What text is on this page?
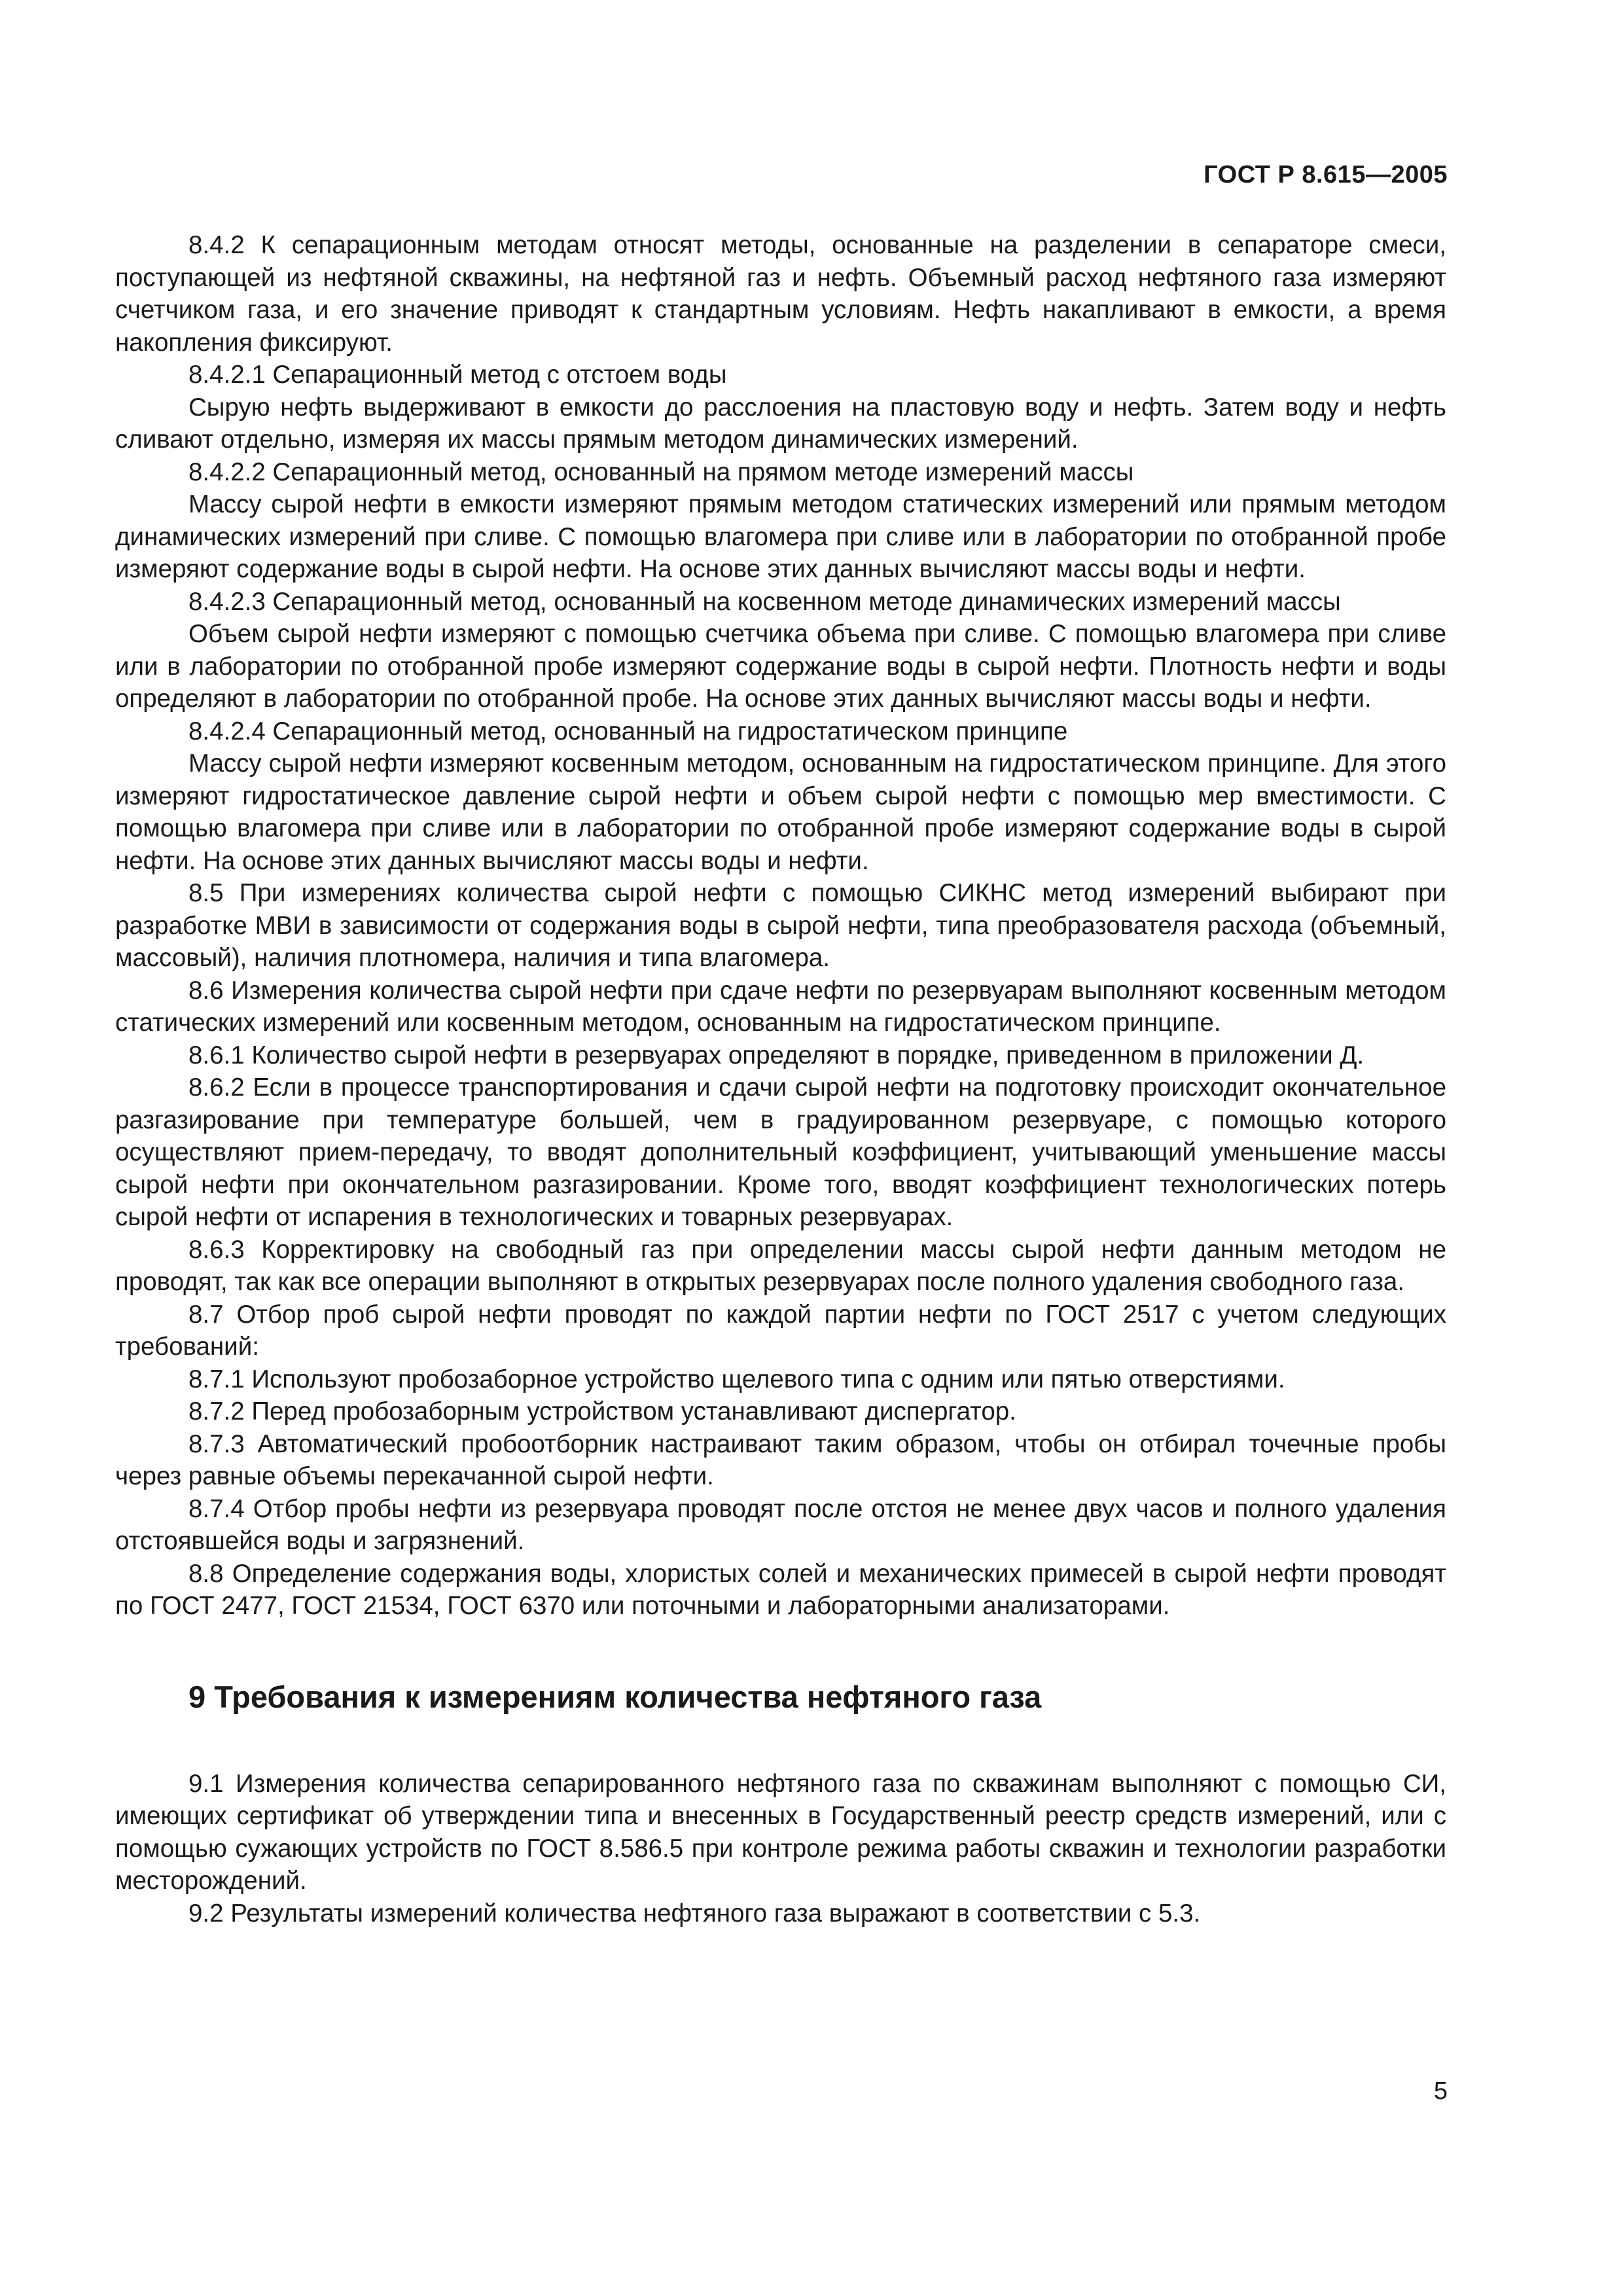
ГОСТ Р 8.615—2005

8.4.2 К сепарационным методам относят методы, основанные на разделении в сепараторе смеси, поступающей из нефтяной скважины, на нефтяной газ и нефть. Объемный расход нефтяного газа измеряют счетчиком газа, и его значение приводят к стандартным условиям. Нефть накапливают в емкости, а время накопления фиксируют.

8.4.2.1 Сепарационный метод с отстоем воды

Сырую нефть выдерживают в емкости до расслоения на пластовую воду и нефть. Затем воду и нефть сливают отдельно, измеряя их массы прямым методом динамических измерений.

8.4.2.2 Сепарационный метод, основанный на прямом методе измерений массы

Массу сырой нефти в емкости измеряют прямым методом статических измерений или прямым методом динамических измерений при сливе. С помощью влагомера при сливе или в лаборатории по отобранной пробе измеряют содержание воды в сырой нефти. На основе этих данных вычисляют массы воды и нефти.

8.4.2.3 Сепарационный метод, основанный на косвенном методе динамических измерений массы

Объем сырой нефти измеряют с помощью счетчика объема при сливе. С помощью влагомера при сливе или в лаборатории по отобранной пробе измеряют содержание воды в сырой нефти. Плотность нефти и воды определяют в лаборатории по отобранной пробе. На основе этих данных вычисляют массы воды и нефти.

8.4.2.4 Сепарационный метод, основанный на гидростатическом принципе

Массу сырой нефти измеряют косвенным методом, основанным на гидростатическом принципе. Для этого измеряют гидростатическое давление сырой нефти и объем сырой нефти с помощью мер вместимости. С помощью влагомера при сливе или в лаборатории по отобранной пробе измеряют содержание воды в сырой нефти. На основе этих данных вычисляют массы воды и нефти.

8.5 При измерениях количества сырой нефти с помощью СИКНС метод измерений выбирают при разработке МВИ в зависимости от содержания воды в сырой нефти, типа преобразователя расхода (объемный, массовый), наличия плотномера, наличия и типа влагомера.

8.6 Измерения количества сырой нефти при сдаче нефти по резервуарам выполняют косвенным методом статических измерений или косвенным методом, основанным на гидростатическом принципе.

8.6.1 Количество сырой нефти в резервуарах определяют в порядке, приведенном в приложении Д.

8.6.2 Если в процессе транспортирования и сдачи сырой нефти на подготовку происходит окончательное разгазирование при температуре большей, чем в градуированном резервуаре, с помощью которого осуществляют прием-передачу, то вводят дополнительный коэффициент, учитывающий уменьшение массы сырой нефти при окончательном разгазировании. Кроме того, вводят коэффициент технологических потерь сырой нефти от испарения в технологических и товарных резервуарах.

8.6.3 Корректировку на свободный газ при определении массы сырой нефти данным методом не проводят, так как все операции выполняют в открытых резервуарах после полного удаления свободного газа.

8.7 Отбор проб сырой нефти проводят по каждой партии нефти по ГОСТ 2517 с учетом следующих требований:

8.7.1 Используют пробозаборное устройство щелевого типа с одним или пятью отверстиями.

8.7.2 Перед пробозаборным устройством устанавливают диспергатор.

8.7.3 Автоматический пробоотборник настраивают таким образом, чтобы он отбирал точечные пробы через равные объемы перекачанной сырой нефти.

8.7.4 Отбор пробы нефти из резервуара проводят после отстоя не менее двух часов и полного удаления отстоявшейся воды и загрязнений.

8.8 Определение содержания воды, хлористых солей и механических примесей в сырой нефти проводят по ГОСТ 2477, ГОСТ 21534, ГОСТ 6370 или поточными и лабораторными анализаторами.

9 Требования к измерениям количества нефтяного газа

9.1 Измерения количества сепарированного нефтяного газа по скважинам выполняют с помощью СИ, имеющих сертификат об утверждении типа и внесенных в Государственный реестр средств измерений, или с помощью сужающих устройств по ГОСТ 8.586.5 при контроле режима работы скважин и технологии разработки месторождений.

9.2 Результаты измерений количества нефтяного газа выражают в соответствии с 5.3.

5
